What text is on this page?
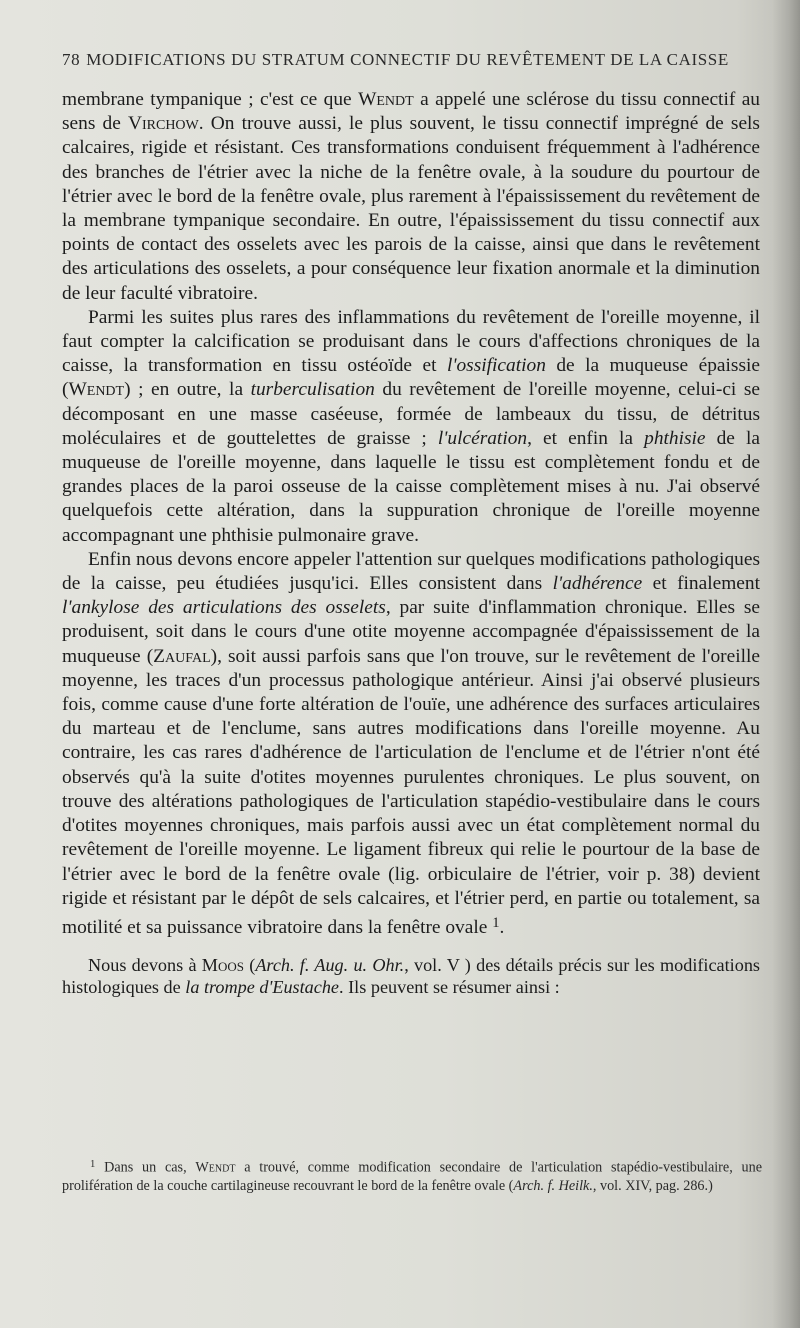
78 MODIFICATIONS DU STRATUM CONNECTIF DU REVÊTEMENT DE LA CAISSE

membrane tympanique ; c'est ce que Wendt a appelé une sclérose du tissu connectif au sens de Virchow. On trouve aussi, le plus souvent, le tissu connectif imprégné de sels calcaires, rigide et résistant. Ces transformations conduisent fréquemment à l'adhérence des branches de l'étrier avec la niche de la fenêtre ovale, à la soudure du pourtour de l'étrier avec le bord de la fenêtre ovale, plus rarement à l'épaississement du revêtement de la membrane tympanique secondaire. En outre, l'épaississement du tissu connectif aux points de contact des osselets avec les parois de la caisse, ainsi que dans le revêtement des articulations des osselets, a pour conséquence leur fixation anormale et la diminution de leur faculté vibratoire.

Parmi les suites plus rares des inflammations du revêtement de l'oreille moyenne, il faut compter la calcification se produisant dans le cours d'affections chroniques de la caisse, la transformation en tissu ostéoïde et l'ossification de la muqueuse épaissie (Wendt) ; en outre, la turberculisation du revêtement de l'oreille moyenne, celui-ci se décomposant en une masse caséeuse, formée de lambeaux du tissu, de détritus moléculaires et de gouttelettes de graisse ; l'ulcération, et enfin la phthisie de la muqueuse de l'oreille moyenne, dans laquelle le tissu est complètement fondu et de grandes places de la paroi osseuse de la caisse complètement mises à nu. J'ai observé quelquefois cette altération, dans la suppuration chronique de l'oreille moyenne accompagnant une phthisie pulmonaire grave.

Enfin nous devons encore appeler l'attention sur quelques modifications pathologiques de la caisse, peu étudiées jusqu'ici. Elles consistent dans l'adhérence et finalement l'ankylose des articulations des osselets, par suite d'inflammation chronique. Elles se produisent, soit dans le cours d'une otite moyenne accompagnée d'épaississement de la muqueuse (Zaufal), soit aussi parfois sans que l'on trouve, sur le revêtement de l'oreille moyenne, les traces d'un processus pathologique antérieur. Ainsi j'ai observé plusieurs fois, comme cause d'une forte altération de l'ouïe, une adhérence des surfaces articulaires du marteau et de l'enclume, sans autres modifications dans l'oreille moyenne. Au contraire, les cas rares d'adhérence de l'articulation de l'enclume et de l'étrier n'ont été observés qu'à la suite d'otites moyennes purulentes chroniques. Le plus souvent, on trouve des altérations pathologiques de l'articulation stapédio-vestibulaire dans le cours d'otites moyennes chroniques, mais parfois aussi avec un état complètement normal du revêtement de l'oreille moyenne. Le ligament fibreux qui relie le pourtour de la base de l'étrier avec le bord de la fenêtre ovale (lig. orbiculaire de l'étrier, voir p. 38) devient rigide et résistant par le dépôt de sels calcaires, et l'étrier perd, en partie ou totalement, sa motilité et sa puissance vibratoire dans la fenêtre ovale $^1$.

Nous devons à Moos (Arch. f. Aug. u. Ohr., vol. V ) des détails précis sur les modifications histologiques de la trompe d'Eustache. Ils peuvent se résumer ainsi :

$^1$ Dans un cas, Wendt a trouvé, comme modification secondaire de l'articulation stapédio-vestibulaire, une prolifération de la couche cartilagineuse recouvrant le bord de la fenêtre ovale (Arch. f. Heilk., vol. XIV, pag. 286.)
